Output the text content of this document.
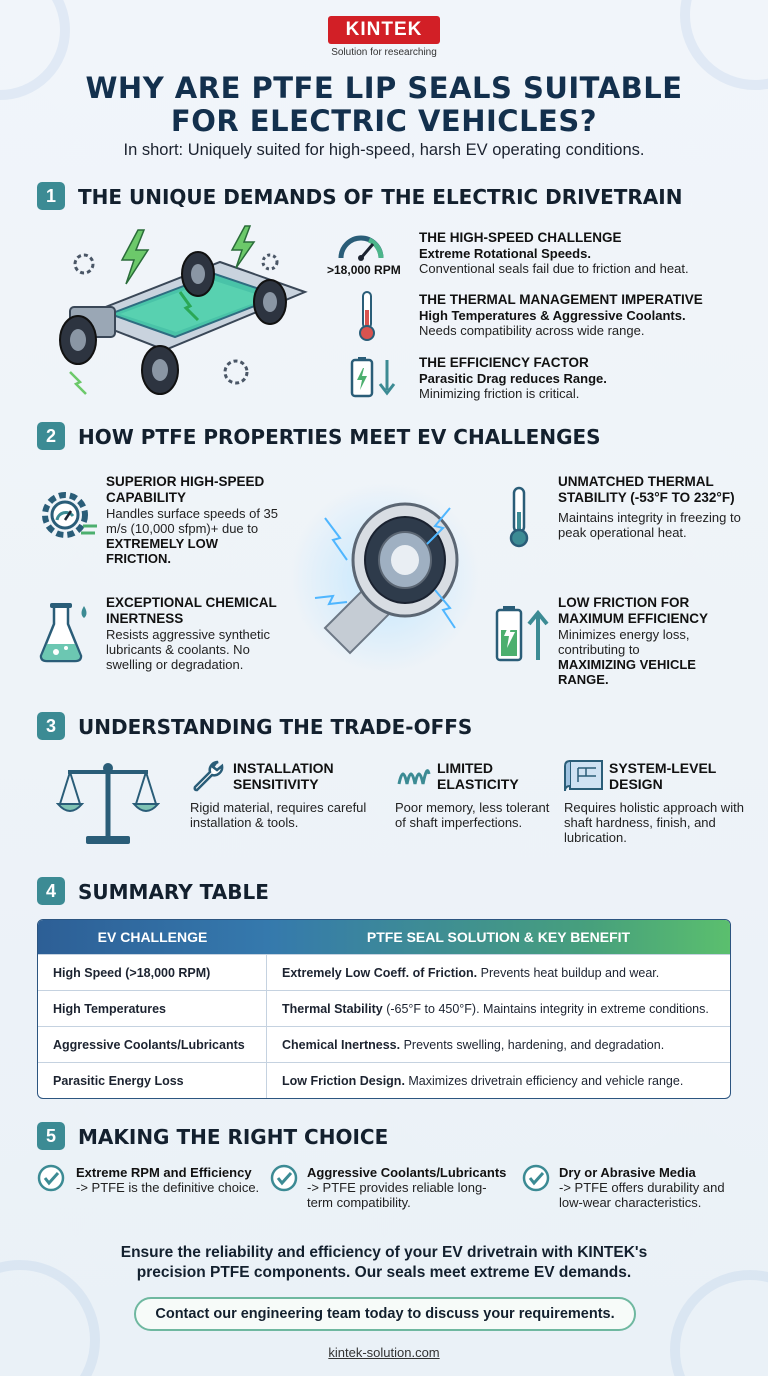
KINTEK
Solution for researching
WHY ARE PTFE LIP SEALS SUITABLE
FOR ELECTRIC VEHICLES?
In short: Uniquely suited for high-speed, harsh EV operating conditions.
1	THE UNIQUE DEMANDS OF THE ELECTRIC DRIVETRAIN
>18,000 RPM
THE HIGH-SPEED CHALLENGE
Extreme Rotational Speeds.
Conventional seals fail due to friction and heat.
THE THERMAL MANAGEMENT IMPERATIVE
High Temperatures & Aggressive Coolants.
Needs compatibility across wide range.
THE EFFICIENCY FACTOR
Parasitic Drag reduces Range.
Minimizing friction is critical.
2	HOW PTFE PROPERTIES MEET EV CHALLENGES
SUPERIOR HIGH-SPEED CAPABILITY
Handles surface speeds of 35 m/s (10,000 sfpm)+ due to
EXTREMELY LOW FRICTION.
UNMATCHED THERMAL STABILITY (-53°F TO 232°F)
Maintains integrity in freezing to peak operational heat.
EXCEPTIONAL CHEMICAL INERTNESS
Resists aggressive synthetic lubricants & coolants. No swelling or degradation.
LOW FRICTION FOR MAXIMUM EFFICIENCY
Minimizes energy loss, contributing to
MAXIMIZING VEHICLE RANGE.
3	UNDERSTANDING THE TRADE-OFFS
INSTALLATION SENSITIVITY
Rigid material, requires careful installation & tools.
LIMITED ELASTICITY
Poor memory, less tolerant of shaft imperfections.
SYSTEM-LEVEL DESIGN
Requires holistic approach with shaft hardness, finish, and lubrication.
4	SUMMARY TABLE
EV CHALLENGE	PTFE SEAL SOLUTION & KEY BENEFIT
High Speed (>18,000 RPM)	Extremely Low Coeff. of Friction. Prevents heat buildup and wear.
High Temperatures	Thermal Stability (-65°F to 450°F). Maintains integrity in extreme conditions.
Aggressive Coolants/Lubricants	Chemical Inertness. Prevents swelling, hardening, and degradation.
Parasitic Energy Loss	Low Friction Design. Maximizes drivetrain efficiency and vehicle range.
5	MAKING THE RIGHT CHOICE
Extreme RPM and Efficiency
-> PTFE is the definitive choice.
Aggressive Coolants/Lubricants
-> PTFE provides reliable long-term compatibility.
Dry or Abrasive Media
-> PTFE offers durability and low-wear characteristics.
Ensure the reliability and efficiency of your EV drivetrain with KINTEK's precision PTFE components. Our seals meet extreme EV demands.
Contact our engineering team today to discuss your requirements.
kintek-solution.com
